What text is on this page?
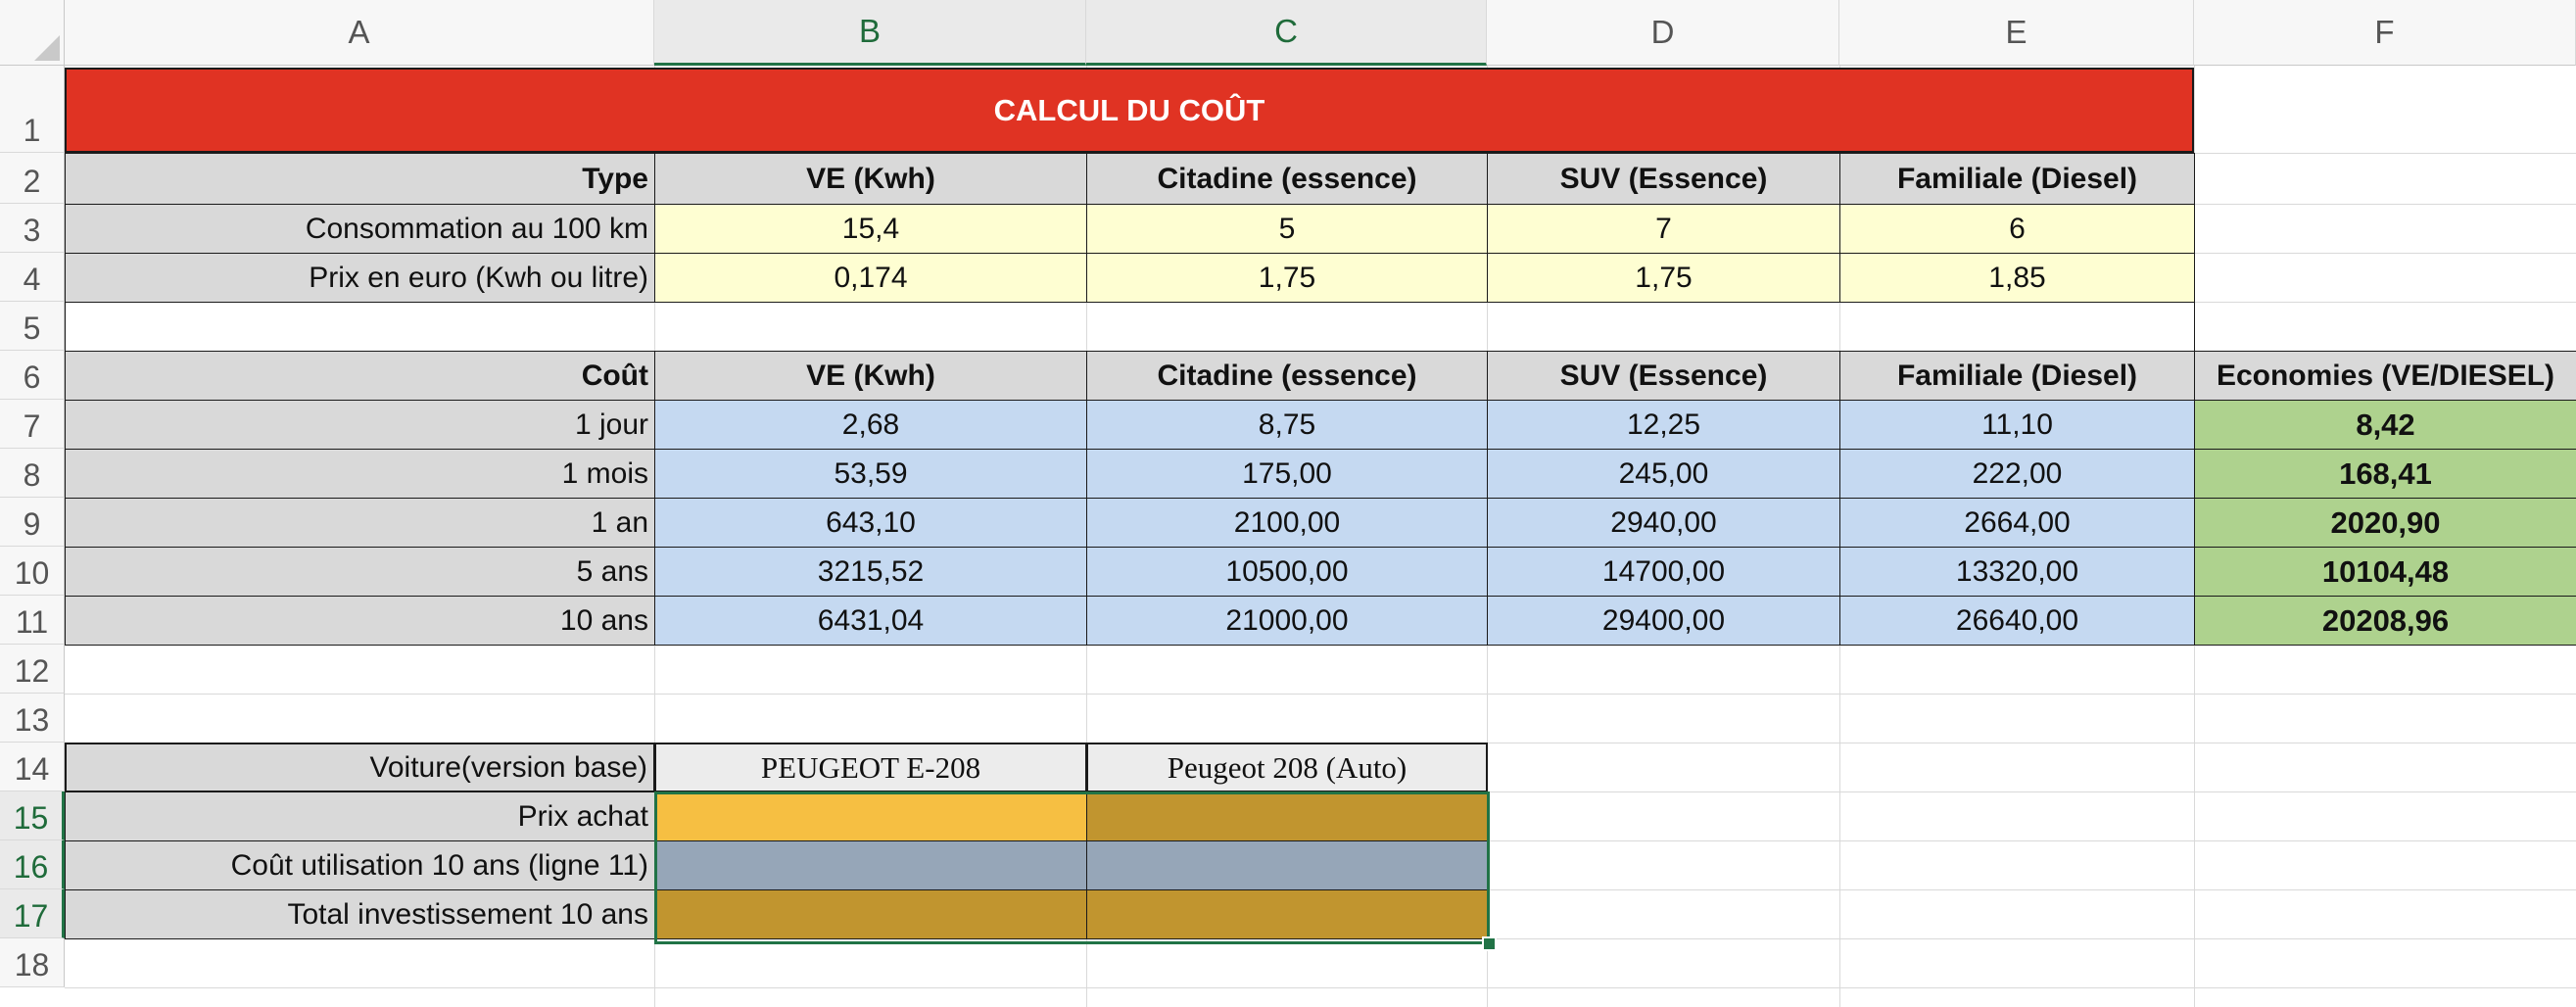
A	B	C	D	E	F
1
2
3
4
5
6
7
8
9
10
11
12
13
14
15
16
17
18
CALCUL DU COÛT
Type	VE (Kwh)	Citadine (essence)	SUV (Essence)	Familiale (Diesel)
Consommation au 100 km	15,4	5	7	6
Prix en euro (Kwh ou litre)	0,174	1,75	1,75	1,85
Coût	VE (Kwh)	Citadine (essence)	SUV (Essence)	Familiale (Diesel)	Economies (VE/DIESEL)
1 jour	2,68	8,75	12,25	11,10	8,42
1 mois	53,59	175,00	245,00	222,00	168,41
1 an	643,10	2100,00	2940,00	2664,00	2020,90
5 ans	3215,52	10500,00	14700,00	13320,00	10104,48
10 ans	6431,04	21000,00	29400,00	26640,00	20208,96
Voiture(version base)	PEUGEOT E-208	Peugeot 208 (Auto)
Prix achat
Coût utilisation 10 ans (ligne 11)
Total investissement 10 ans
